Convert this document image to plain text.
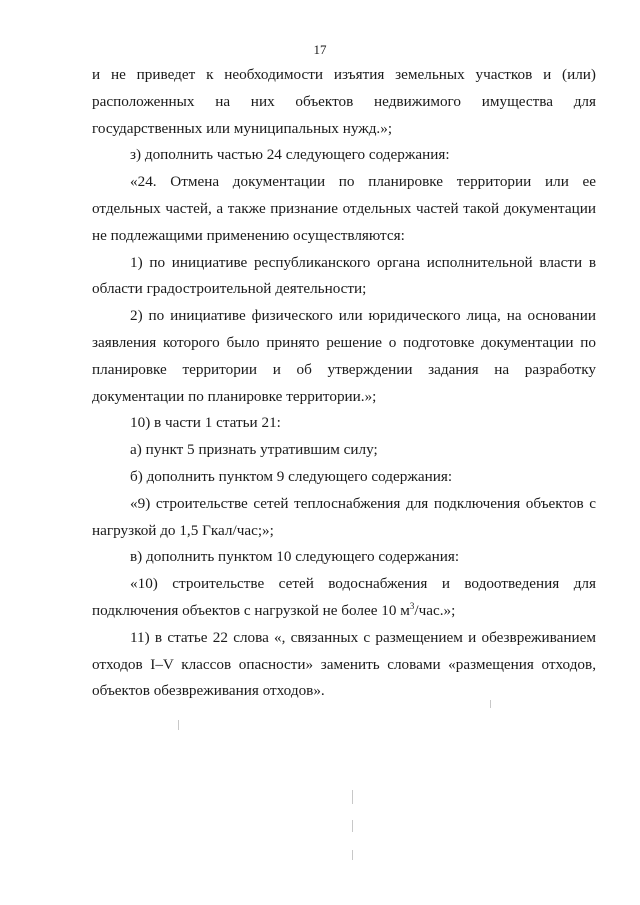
17
и не приведет к необходимости изъятия земельных участков и (или)
расположенных на них объектов недвижимого имущества для
государственных или муниципальных нужд.»;
з) дополнить частью 24 следующего содержания:
«24. Отмена документации по планировке территории или ее
отдельных частей, а также признание отдельных частей такой документации
не подлежащими применению осуществляются:
1) по инициативе республиканского органа исполнительной власти в
области градостроительной деятельности;
2) по инициативе физического или юридического лица, на основании
заявления которого было принято решение о подготовке документации по
планировке территории и об утверждении задания на разработку
документации по планировке территории.»;
10) в части 1 статьи 21:
а) пункт 5 признать утратившим силу;
б) дополнить пунктом 9 следующего содержания:
«9) строительстве сетей теплоснабжения для подключения объектов с
нагрузкой до 1,5 Гкал/час;»;
в) дополнить пунктом 10 следующего содержания:
«10) строительстве сетей водоснабжения и водоотведения для
подключения объектов с нагрузкой не более 10 $м^3$/час.»;
11) в статье 22 слова «, связанных с размещением и обезвреживанием
отходов I–V классов опасности» заменить словами «размещения отходов,
объектов обезвреживания отходов».
